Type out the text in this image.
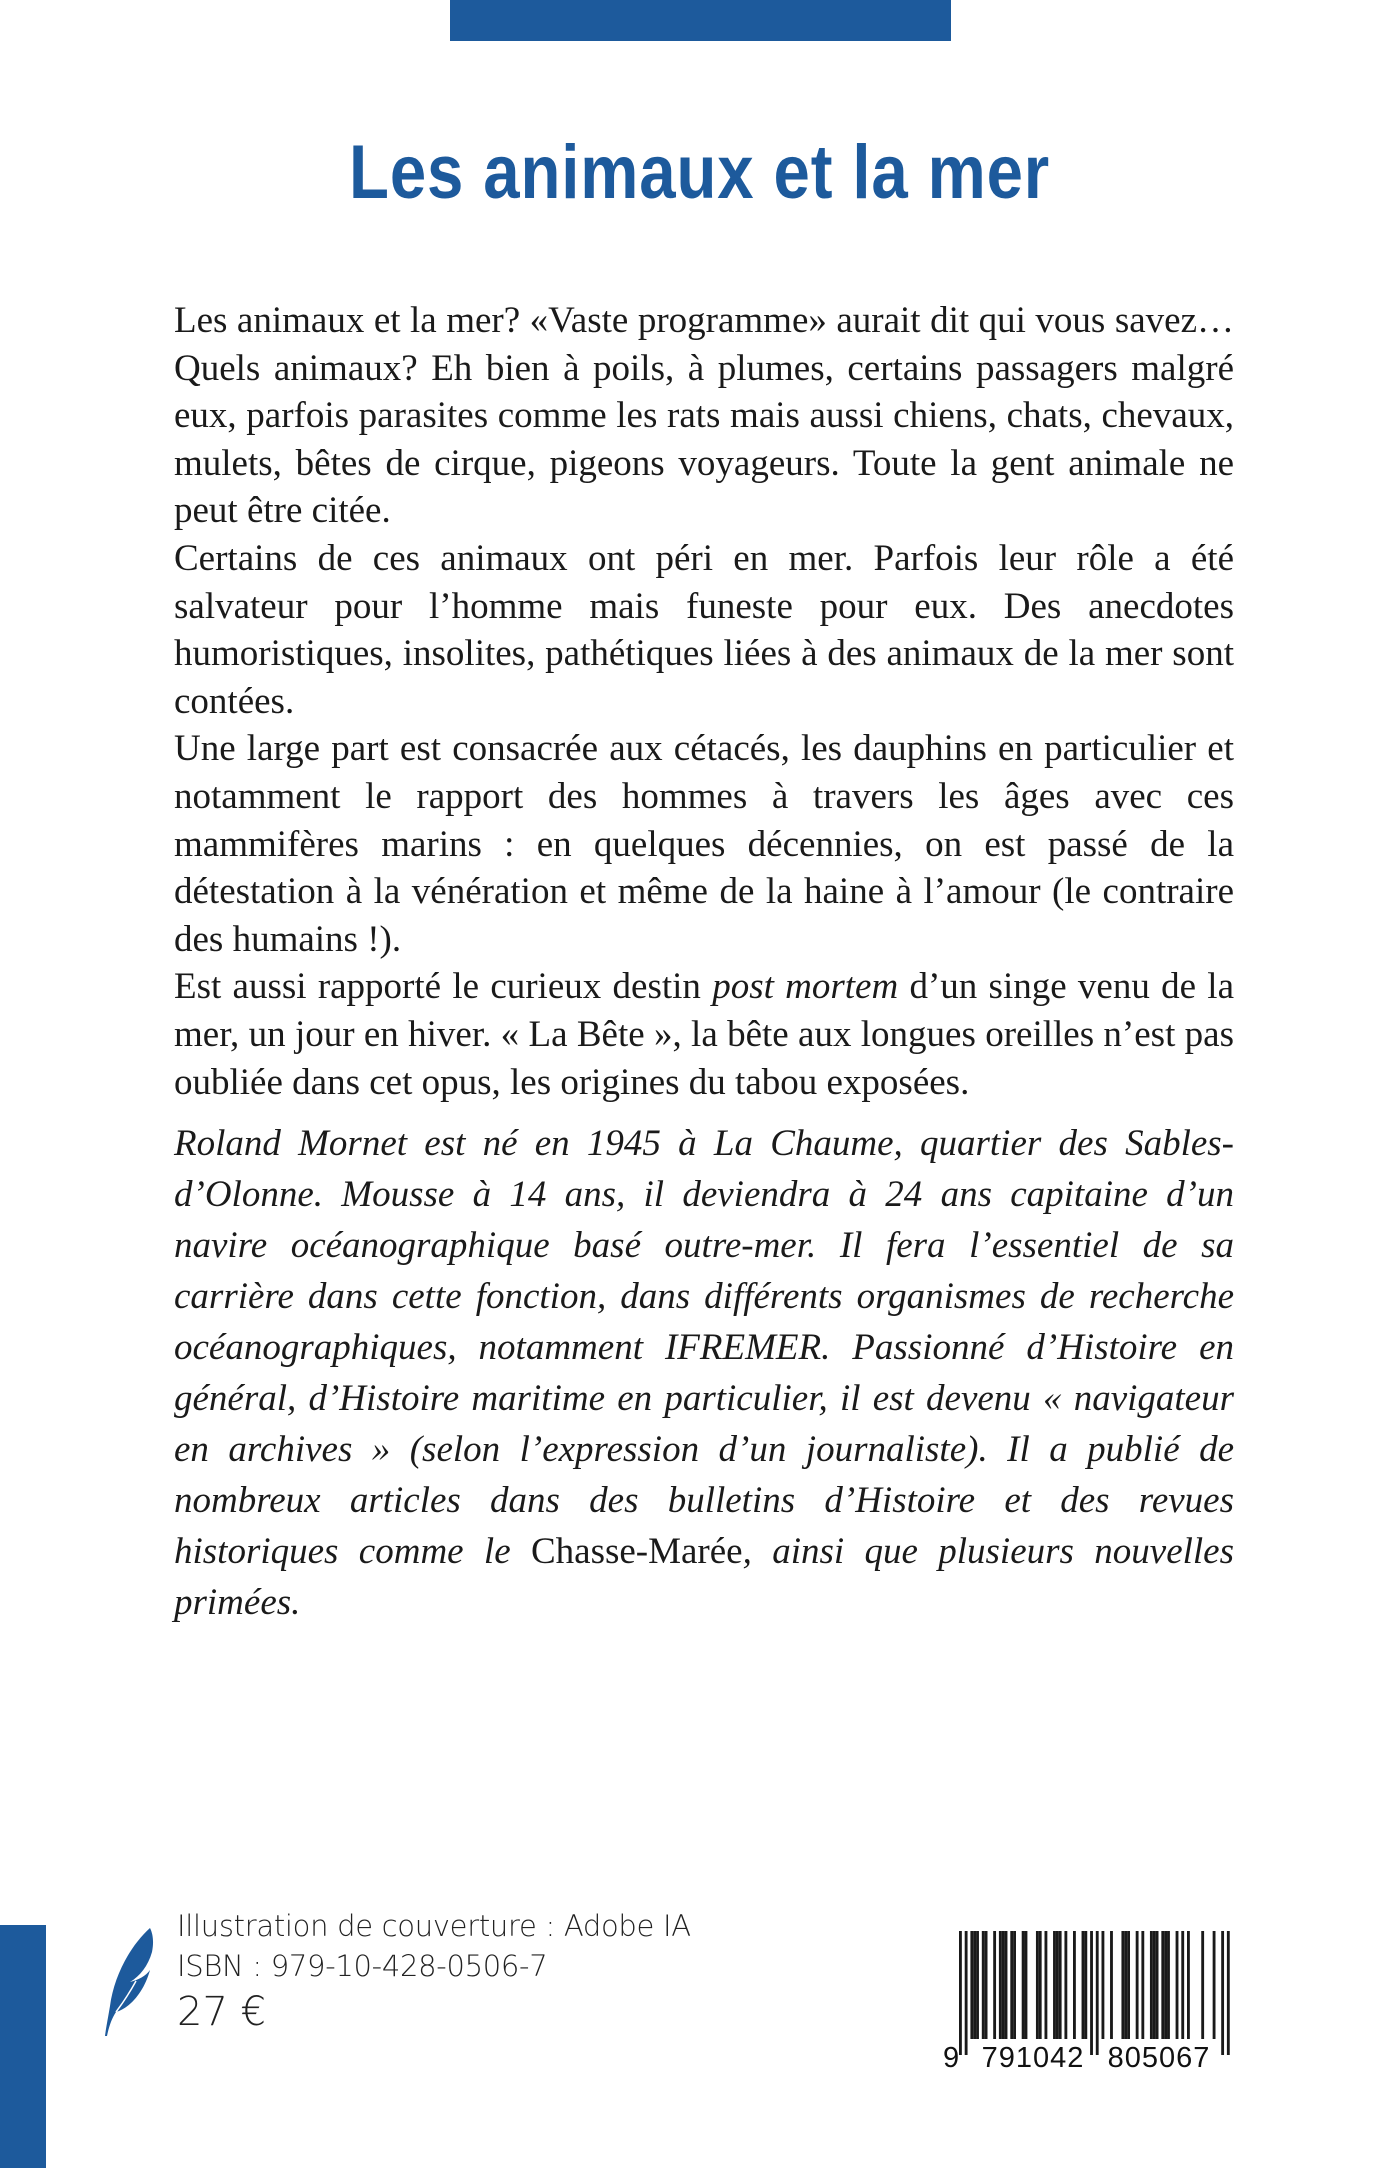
Les animaux et la mer

Les animaux et la mer? «Vaste programme» aurait dit qui vous savez… Quels animaux? Eh bien à poils, à plumes, certains passagers malgré eux, parfois parasites comme les rats mais aussi chiens, chats, chevaux, mulets, bêtes de cirque, pigeons voyageurs. Toute la gent animale ne peut être citée.

Certains de ces animaux ont péri en mer. Parfois leur rôle a été salvateur pour l’homme mais funeste pour eux. Des anecdotes humoristiques, insolites, pathétiques liées à des animaux de la mer sont contées.

Une large part est consacrée aux cétacés, les dauphins en particulier et notamment le rapport des hommes à travers les âges avec ces mammifères marins : en quelques décennies, on est passé de la détestation à la vénération et même de la haine à l’amour (le contraire des humains !).

Est aussi rapporté le curieux destin post mortem d’un singe venu de la mer, un jour en hiver. « La Bête », la bête aux longues oreilles n’est pas oubliée dans cet opus, les origines du tabou exposées.

Roland Mornet est né en 1945 à La Chaume, quartier des Sables-d’Olonne. Mousse à 14 ans, il deviendra à 24 ans capitaine d’un navire océanographique basé outre-mer. Il fera l’essentiel de sa carrière dans cette fonction, dans différents organismes de recherche océanographiques, notamment IFREMER. Passionné d’Histoire en général, d’Histoire maritime en particulier, il est devenu « navigateur en archives » (selon l’expression d’un journaliste). Il a publié de nombreux articles dans des bulletins d’Histoire et des revues historiques comme le Chasse-Marée, ainsi que plusieurs nouvelles primées.

Illustration de couverture : Adobe IA
ISBN : 979-10-428-0506-7
27 €
9 791042 805067
